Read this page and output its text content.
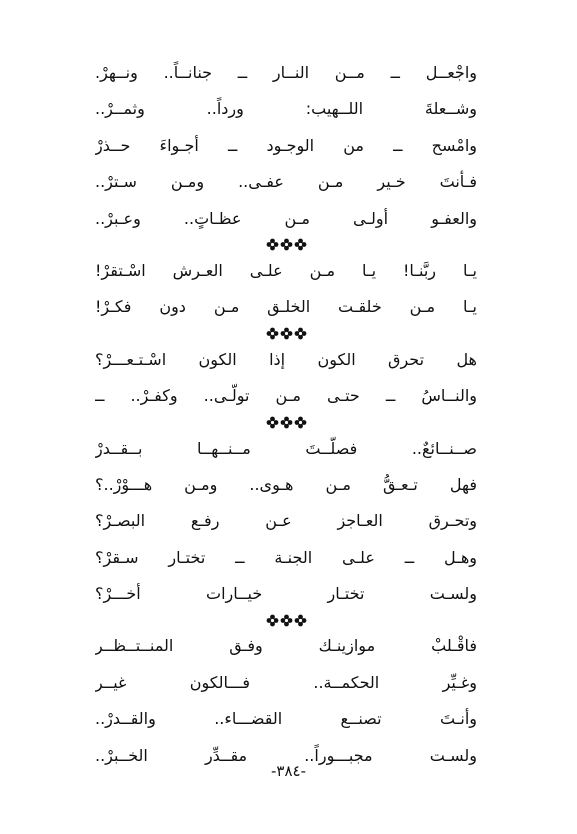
واجْعــل ــ مــن النــار ــ جنانــاً.. ونــهرْ.
وشــعلةَ اللــهيب: ورداً.. وثمــرْ..
وامْسح ــ من الوجـود ــ أجـواءَ حــذرْ
فـأنتَ خـير مـن عفـى.. ومـن سـترْ..
والعفـو أولـى مـن عظـاتٍ.. وعـبرْ..
يـا ربَّنـا! يـا مـن علـى العـرش اسْـتقرْ!
يـا مـن خلقـت الخلـق مـن دون فكـرْ!
هل تحرق الكون إذا الكون اسْـتـعـــرْ؟
والنــاسُ ــ حتـى مـن تولّـى.. وكفـرْ.. ــ
صــنــائعٌ.. فصلّــتَ مــنــهــا بــقــدرْ
فهل تـعـقُّ مـن هـوى.. ومـن هـــوْرْ..؟
وتحـرق العـاجز عـن رفـع البصـرْ؟
وهـل ــ علـى الجنـة ــ تختـار سـقرْ؟
ولسـت تختـار خيــارات أخـــرْ؟
فاقْـلبْ موازينـك وفـق المنــتــظــر
وغـيِّر الحكمــة.. فـــالكون غيــر
وأنـتَ تصنــع القضـــاء.. والقــدرْ..
ولسـت مجبـــوراً.. مقــدِّر الخــبرْ..
-٣٨٤-
